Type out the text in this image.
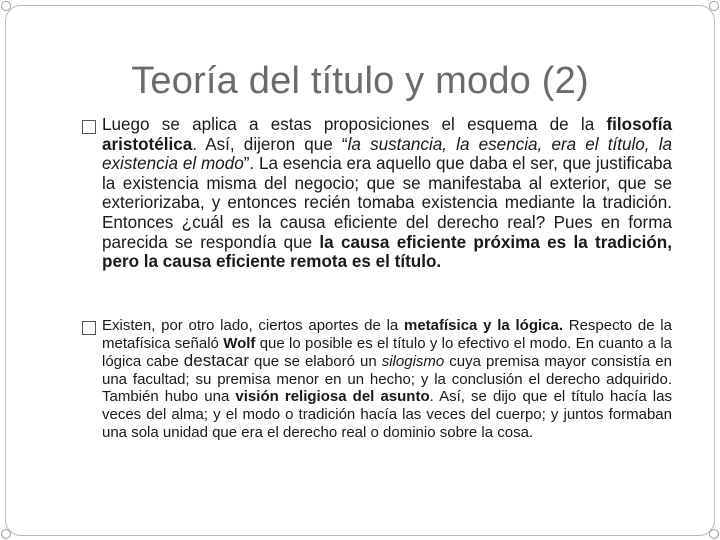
Teoría del título y modo (2)
Luego se aplica a estas proposiciones el esquema de la filosofía aristotélica. Así, dijeron que “la sustancia, la esencia, era el título, la existencia el modo”. La esencia era aquello que daba el ser, que justificaba la existencia misma del negocio; que se manifestaba al exterior, que se exteriorizaba, y entonces recién tomaba existencia mediante la tradición. Entonces ¿cuál es la causa eficiente del derecho real? Pues en forma parecida se respondía que la causa eficiente próxima es la tradición, pero la causa eficiente remota es el título.
Existen, por otro lado, ciertos aportes de la metafísica y la lógica. Respecto de la metafísica señaló Wolf que lo posible es el título y lo efectivo el modo. En cuanto a la lógica cabe destacar que se elaboró un silogismo cuya premisa mayor consistía en una facultad; su premisa menor en un hecho; y la conclusión el derecho adquirido. También hubo una visión religiosa del asunto. Así, se dijo que el título hacía las veces del alma; y el modo o tradición hacía las veces del cuerpo; y juntos formaban una sola unidad que era el derecho real o dominio sobre la cosa.
